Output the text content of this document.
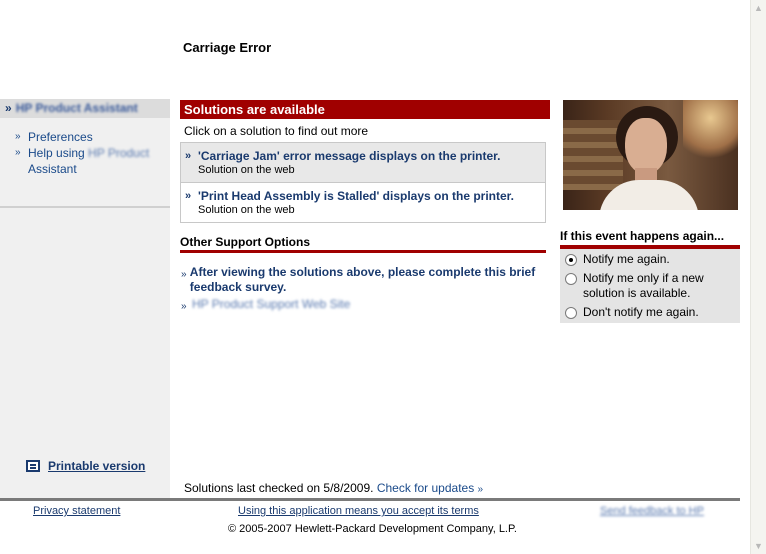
▲
▼
Carriage Error
» HP Product Assistant
» Preferences
» Help using HP Product
Assistant
Printable version
Solutions are available
Click on a solution to find out more
» 'Carriage Jam' error message displays on the printer.
Solution on the web
» 'Print Head Assembly is Stalled' displays on the printer.
Solution on the web
Other Support Options
» After viewing the solutions above, please complete this brief feedback survey.
» HP Product Support Web Site
If this event happens again...
Notify me again.
Notify me only if a new solution is available.
Don't notify me again.
Solutions last checked on 5/8/2009. Check for updates »
Privacy statement	Using this application means you accept its terms	Send feedback to HP
© 2005-2007 Hewlett-Packard Development Company, L.P.
